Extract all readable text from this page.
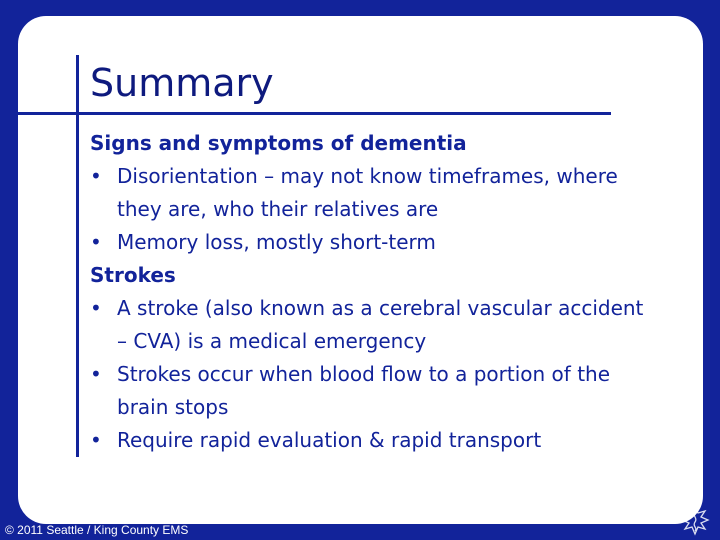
Summary
Signs and symptoms of dementia
• Disorientation – may not know timeframes, where
they are, who their relatives are
• Memory loss, mostly short-term
Strokes
• A stroke (also known as a cerebral vascular accident
– CVA) is a medical emergency
• Strokes occur when blood flow to a portion of the
brain stops
• Require rapid evaluation & rapid transport
© 2011 Seattle / King County EMS
